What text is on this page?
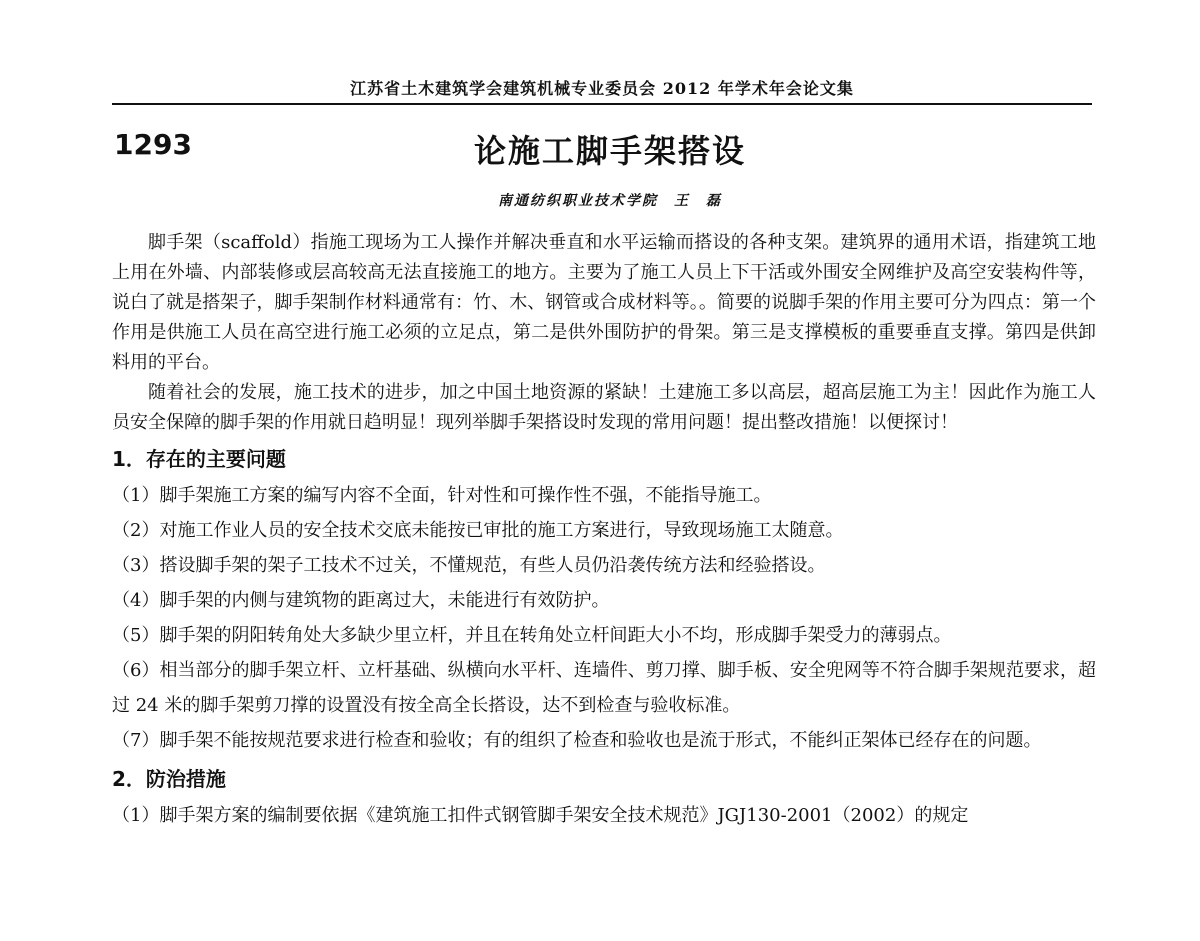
江苏省土木建筑学会建筑机械专业委员会 2012 年学术年会论文集
1293	论施工脚手架搭设
南通纺织职业技术学院　王　磊

脚手架（scaffold）指施工现场为工人操作并解决垂直和水平运输而搭设的各种支架。建筑界的通用术语，指建筑工地上用在外墙、内部装修或层高较高无法直接施工的地方。主要为了施工人员上下干活或外围安全网维护及高空安装构件等，说白了就是搭架子，脚手架制作材料通常有：竹、木、钢管或合成材料等。。简要的说脚手架的作用主要可分为四点：第一个作用是供施工人员在高空进行施工必须的立足点，第二是供外围防护的骨架。第三是支撑模板的重要垂直支撑。第四是供卸料用的平台。

随着社会的发展，施工技术的进步，加之中国土地资源的紧缺！土建施工多以高层，超高层施工为主！因此作为施工人员安全保障的脚手架的作用就日趋明显！现列举脚手架搭设时发现的常用问题！提出整改措施！以便探讨！

1．存在的主要问题

（1）脚手架施工方案的编写内容不全面，针对性和可操作性不强，不能指导施工。

（2）对施工作业人员的安全技术交底未能按已审批的施工方案进行，导致现场施工太随意。

（3）搭设脚手架的架子工技术不过关，不懂规范，有些人员仍沿袭传统方法和经验搭设。

（4）脚手架的内侧与建筑物的距离过大，未能进行有效防护。

（5）脚手架的阴阳转角处大多缺少里立杆，并且在转角处立杆间距大小不均，形成脚手架受力的薄弱点。

（6）相当部分的脚手架立杆、立杆基础、纵横向水平杆、连墙件、剪刀撑、脚手板、安全兜网等不符合脚手架规范要求，超过 24 米的脚手架剪刀撑的设置没有按全高全长搭设，达不到检查与验收标准。

（7）脚手架不能按规范要求进行检查和验收；有的组织了检查和验收也是流于形式，不能纠正架体已经存在的问题。

2．防治措施

（1）脚手架方案的编制要依据《建筑施工扣件式钢管脚手架安全技术规范》JGJ130-2001（2002）的规定
